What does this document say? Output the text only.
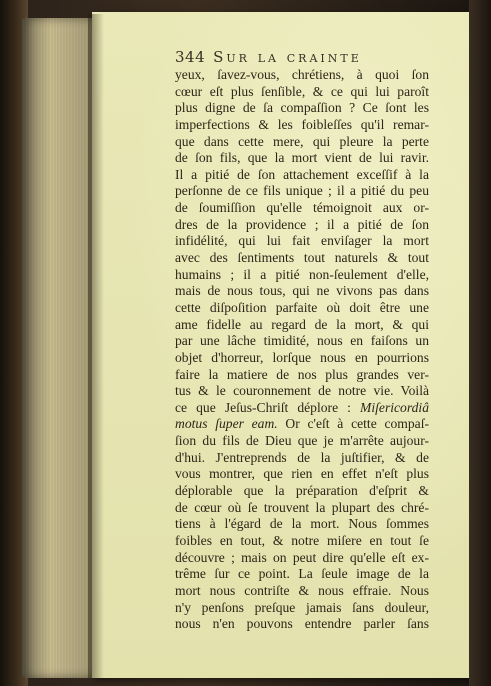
344 Sur la crainte
yeux, ſavez-vous, chrétiens, à quoi ſon
cœur eſt plus ſenſible, & ce qui lui paroît
plus digne de ſa compaſſion ? Ce ſont les
imperfections & les foibleſſes qu'il remar-
que dans cette mere, qui pleure la perte
de ſon fils, que la mort vient de lui ravir.
Il a pitié de ſon attachement exceſſif à la
perſonne de ce fils unique ; il a pitié du peu
de ſoumiſſion qu'elle témoignoit aux or-
dres de la providence ; il a pitié de ſon
infidélité, qui lui fait enviſager la mort
avec des ſentiments tout naturels & tout
humains ; il a pitié non-ſeulement d'elle,
mais de nous tous, qui ne vivons pas dans
cette diſpoſition parfaite où doit être une
ame fidelle au regard de la mort, & qui
par une lâche timidité, nous en faiſons un
objet d'horreur, lorſque nous en pourrions
faire la matiere de nos plus grandes ver-
tus & le couronnement de notre vie. Voilà
ce que Jeſus-Chriſt déplore : Miſericordiâ
motus ſuper eam. Or c'eſt à cette compaſ-
ſion du fils de Dieu que je m'arrête aujour-
d'hui. J'entreprends de la juſtifier, & de
vous montrer, que rien en effet n'eſt plus
déplorable que la préparation d'eſprit &
de cœur où ſe trouvent la plupart des chré-
tiens à l'égard de la mort. Nous ſommes
foibles en tout, & notre miſere en tout ſe
découvre ; mais on peut dire qu'elle eſt ex-
trême ſur ce point. La ſeule image de la
mort nous contriſte & nous effraie. Nous
n'y penſons preſque jamais ſans douleur,
nous n'en pouvons entendre parler ſans
